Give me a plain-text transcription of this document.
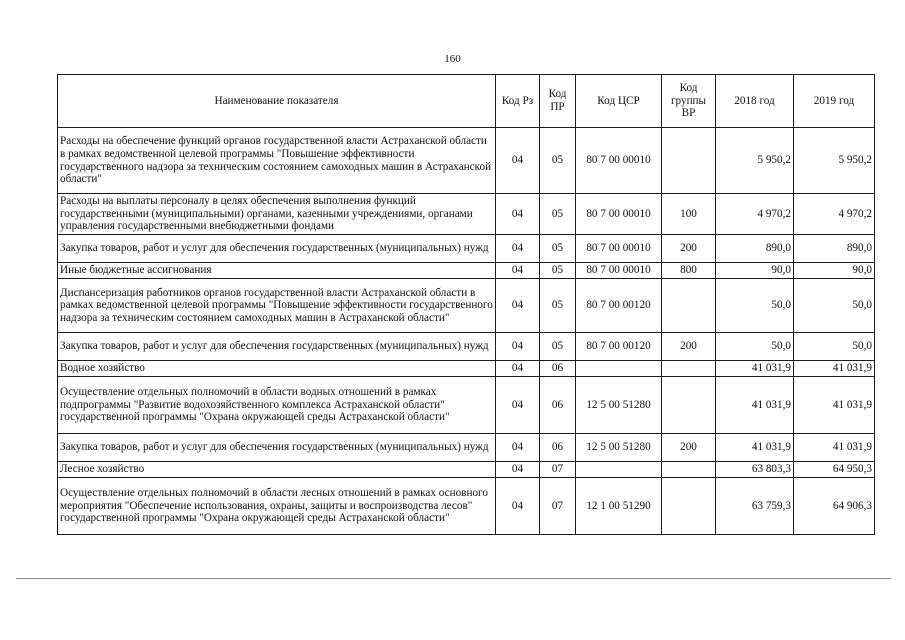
160
Наименование показателя	Код Рз	Код ПР	Код ЦСР	Код группы ВР	2018 год	2019 год
Расходы на обеспечение функций органов государственной власти Астраханской области в рамках ведомственной целевой программы "Повышение эффективности государственного надзора за техническим состоянием самоходных машин в Астраханской области"	04	05	80 7 00 00010		5 950,2	5 950,2
Расходы на выплаты персоналу в целях обеспечения выполнения функций государственными (муниципальными) органами, казенными учреждениями, органами управления государственными внебюджетными фондами	04	05	80 7 00 00010	100	4 970,2	4 970,2
Закупка товаров, работ и услуг для обеспечения государственных (муниципальных) нужд	04	05	80 7 00 00010	200	890,0	890,0
Иные бюджетные ассигнования	04	05	80 7 00 00010	800	90,0	90,0
Диспансеризация работников органов государственной власти Астраханской области в рамках ведомственной целевой программы "Повышение эффективности государственного надзора за техническим состоянием самоходных машин в Астраханской области"	04	05	80 7 00 00120		50,0	50,0
Закупка товаров, работ и услуг для обеспечения государственных (муниципальных) нужд	04	05	80 7 00 00120	200	50,0	50,0
Водное хозяйство	04	06			41 031,9	41 031,9
Осуществление отдельных полномочий в области водных отношений в рамках подпрограммы "Развитие водохозяйственного комплекса Астраханской области" государственной программы "Охрана окружающей среды Астраханской области"	04	06	12 5 00 51280		41 031,9	41 031,9
Закупка товаров, работ и услуг для обеспечения государственных (муниципальных) нужд	04	06	12 5 00 51280	200	41 031,9	41 031,9
Лесное хозяйство	04	07			63 803,3	64 950,3
Осуществление отдельных полномочий в области лесных отношений в рамках основного мероприятия "Обеспечение использования, охраны, защиты и воспроизводства лесов" государственной программы "Охрана окружающей среды Астраханской области"	04	07	12 1 00 51290		63 759,3	64 906,3
